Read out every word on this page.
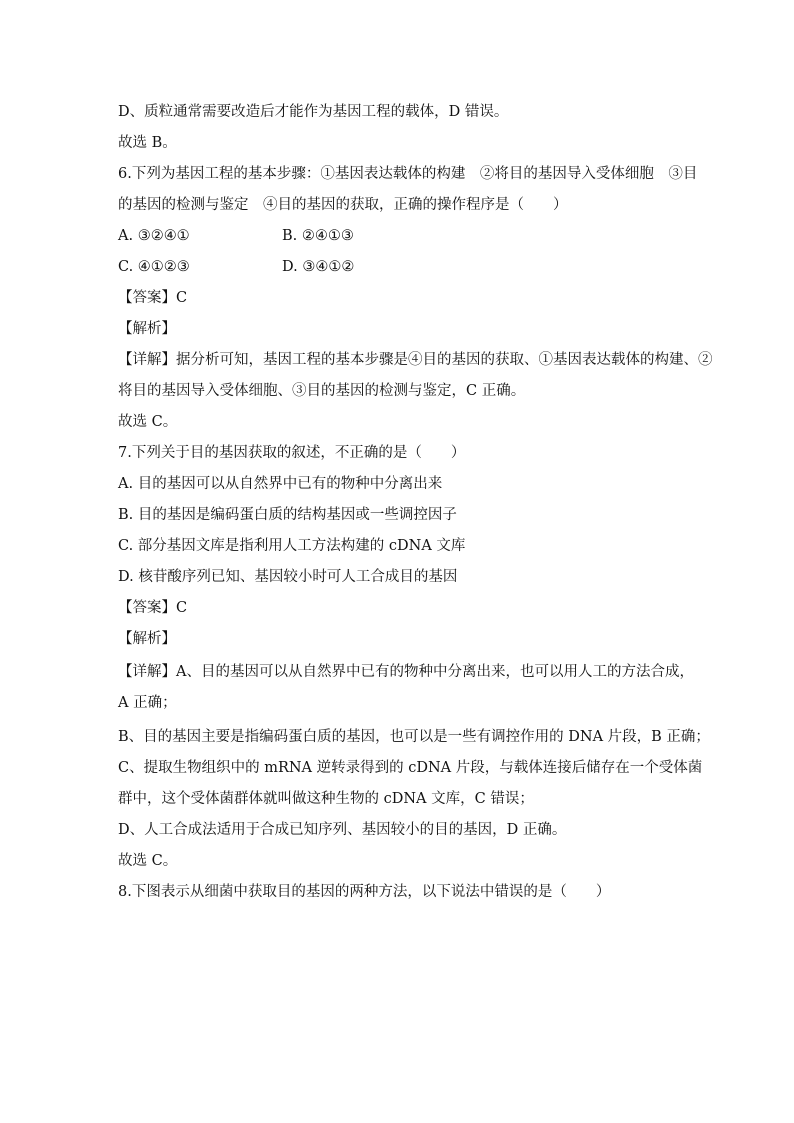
D、质粒通常需要改造后才能作为基因工程的载体，D 错误。
故选 B。
6.下列为基因工程的基本步骤：①基因表达载体的构建　②将目的基因导入受体细胞　③目
的基因的检测与鉴定　④目的基因的获取，正确的操作程序是（　　）
A. ③②④①	B. ②④①③
C. ④①②③	D. ③④①②
【答案】C
【解析】
【详解】据分析可知，基因工程的基本步骤是④目的基因的获取、①基因表达载体的构建、②
将目的基因导入受体细胞、③目的基因的检测与鉴定，C 正确。
故选 C。
7.下列关于目的基因获取的叙述，不正确的是（　　）
A. 目的基因可以从自然界中已有的物种中分离出来
B. 目的基因是编码蛋白质的结构基因或一些调控因子
C. 部分基因文库是指利用人工方法构建的 cDNA 文库
D. 核苷酸序列已知、基因较小时可人工合成目的基因
【答案】C
【解析】
【详解】A、目的基因可以从自然界中已有的物种中分离出来，也可以用人工的方法合成，
A 正确；
B、目的基因主要是指编码蛋白质的基因，也可以是一些有调控作用的 DNA 片段，B 正确；
C、提取生物组织中的 mRNA 逆转录得到的 cDNA 片段，与载体连接后储存在一个受体菌
群中，这个受体菌群体就叫做这种生物的 cDNA 文库，C 错误；
D、人工合成法适用于合成已知序列、基因较小的目的基因，D 正确。
故选 C。
8.下图表示从细菌中获取目的基因的两种方法，以下说法中错误的是（　　）
